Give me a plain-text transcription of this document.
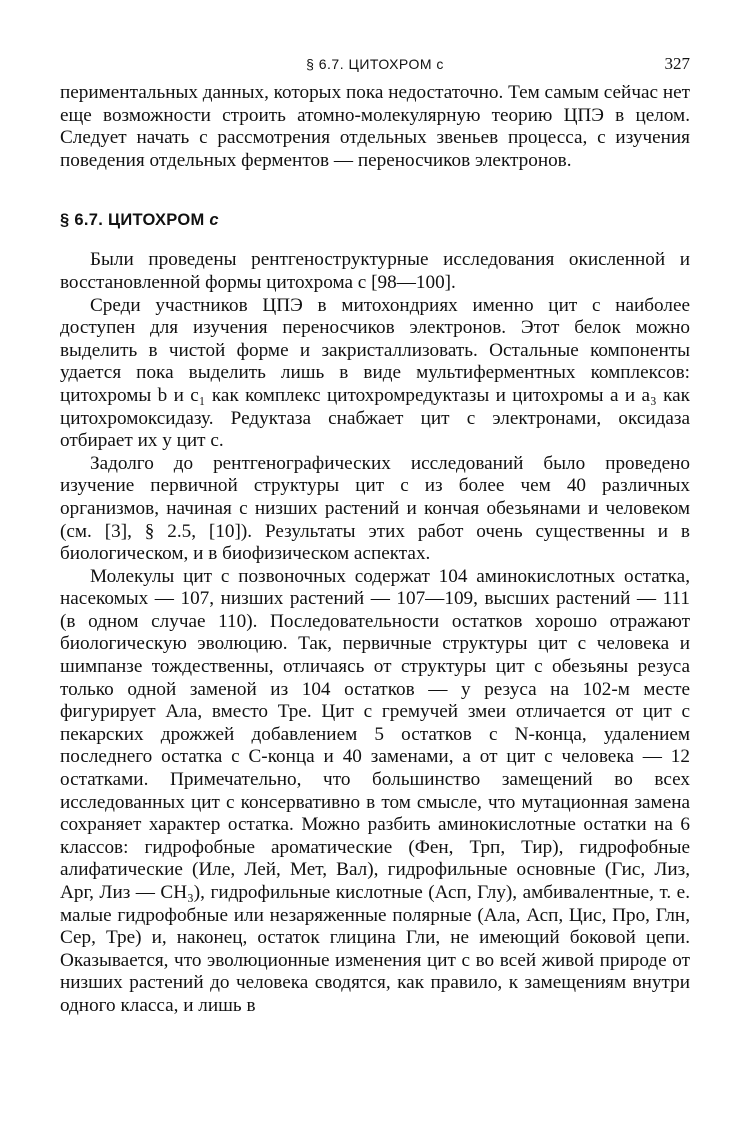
§ 6.7. ЦИТОХРОМ с	327

периментальных данных, которых пока недостаточно. Тем самым сейчас нет еще возможности строить атомно-молекулярную теорию ЦПЭ в целом. Следует начать с рассмотрения отдельных звеньев процесса, с изучения поведения отдельных ферментов — переносчиков электронов.

§ 6.7. ЦИТОХРОМ с

Были проведены рентгеноструктурные исследования окисленной и восстановленной формы цитохрома с [98—100].

Среди участников ЦПЭ в митохондриях именно цит с наиболее доступен для изучения переносчиков электронов. Этот белок можно выделить в чистой форме и закристаллизовать. Остальные компоненты удается пока выделить лишь в виде мультиферментных комплексов: цитохромы b и c₁ как комплекс цитохромредуктазы и цитохромы a и a₃ как цитохромоксидазу. Редуктаза снабжает цит с электронами, оксидаза отбирает их у цит с.

Задолго до рентгенографических исследований было проведено изучение первичной структуры цит с из более чем 40 различных организмов, начиная с низших растений и кончая обезьянами и человеком (см. [3], § 2.5, [10]). Результаты этих работ очень существенны и в биологическом, и в биофизическом аспектах.

Молекулы цит с позвоночных содержат 104 аминокислотных остатка, насекомых — 107, низших растений — 107—109, высших растений — 111 (в одном случае 110). Последовательности остатков хорошо отражают биологическую эволюцию. Так, первичные структуры цит с человека и шимпанзе тождественны, отличаясь от структуры цит с обезьяны резуса только одной заменой из 104 остатков — у резуса на 102-м месте фигурирует Ала, вместо Тре. Цит с гремучей змеи отличается от цит с пекарских дрожжей добавлением 5 остатков с N-конца, удалением последнего остатка с С-конца и 40 заменами, а от цит с человека — 12 остатками. Примечательно, что большинство замещений во всех исследованных цит с консервативно в том смысле, что мутационная замена сохраняет характер остатка. Можно разбить аминокислотные остатки на 6 классов: гидрофобные ароматические (Фен, Трп, Тир), гидрофобные алифатические (Иле, Лей, Мет, Вал), гидрофильные основные (Гис, Лиз, Арг, Лиз — CH₃), гидрофильные кислотные (Асп, Глу), амбивалентные, т. е. малые гидрофобные или незаряженные полярные (Ала, Асп, Цис, Про, Глн, Сер, Тре) и, наконец, остаток глицина Гли, не имеющий боковой цепи. Оказывается, что эволюционные изменения цит с во всей живой природе от низших растений до человека сводятся, как правило, к замещениям внутри одного класса, и лишь в
